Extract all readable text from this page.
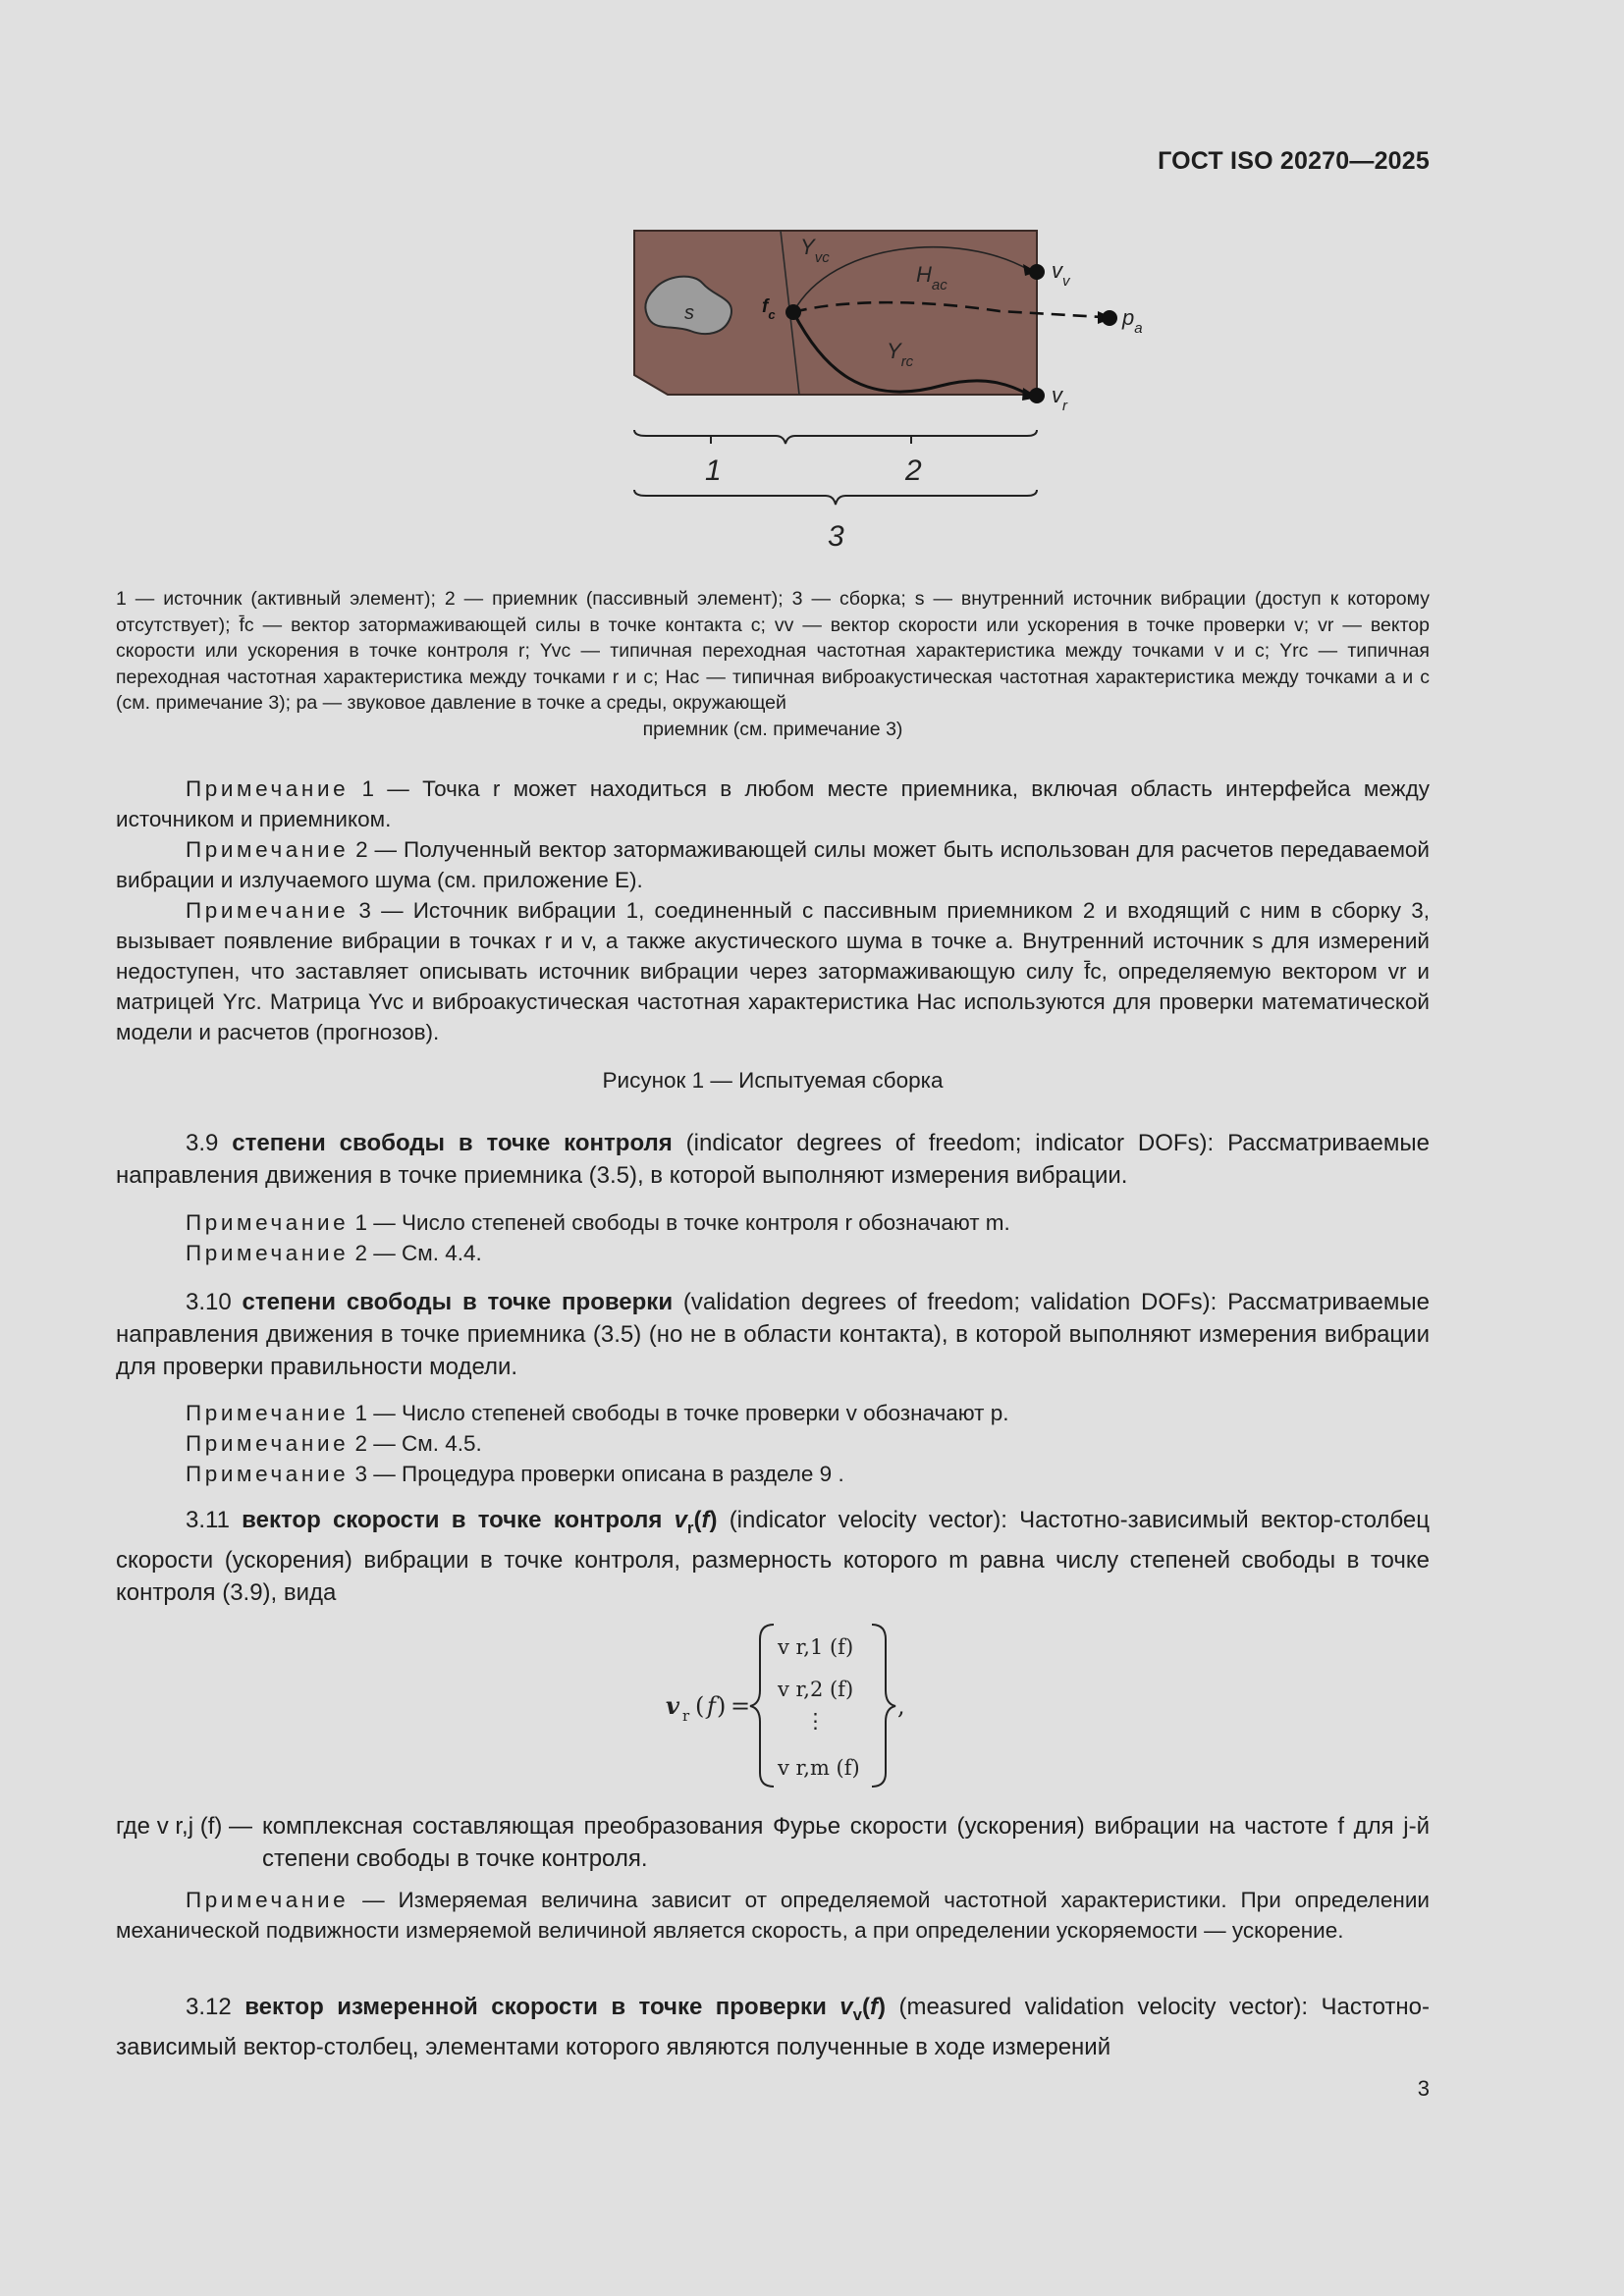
ГОСТ ISO 20270—2025
s	$f_c$
$Y_{vc}$
$H_{ac}$
$Y_{rc}$
$v_v$
$p_a$
$v_r$
1	2
3
1 — источник (активный элемент); 2 — приемник (пассивный элемент); 3 — сборка; s — внутренний источник вибрации (доступ к которому отсутствует); f̄c — вектор затормаживающей силы в точке контакта c; vv — вектор скорости или ускорения в точке проверки v; vr — вектор скорости или ускорения в точке контроля r; Yvc — типичная переходная частотная характеристика между точками v и c; Yrc — типичная переходная частотная характеристика между точками r и c; Hac — типичная виброакустическая частотная характеристика между точками a и c (см. примечание 3); pa — звуковое давление в точке a среды, окружающей
приемник (см. примечание 3)
Примечание 1 — Точка r может находиться в любом месте приемника, включая область интерфейса между источником и приемником.
Примечание 2 — Полученный вектор затормаживающей силы может быть использован для расчетов передаваемой вибрации и излучаемого шума (см. приложение E).
Примечание 3 — Источник вибрации 1, соединенный с пассивным приемником 2 и входящий с ним в сборку 3, вызывает появление вибрации в точках r и v, а также акустического шума в точке a. Внутренний источник s для измерений недоступен, что заставляет описывать источник вибрации через затормаживающую силу f̄c, определяемую вектором vr и матрицей Yrc. Матрица Yvc и виброакустическая частотная характеристика Hac используются для проверки математической модели и расчетов (прогнозов).
Рисунок 1 — Испытуемая сборка
3.9 степени свободы в точке контроля (indicator degrees of freedom; indicator DOFs): Рассматриваемые направления движения в точке приемника (3.5), в которой выполняют измерения вибрации.
Примечание 1 — Число степеней свободы в точке контроля r обозначают m.
Примечание 2 — См. 4.4.
3.10 степени свободы в точке проверки (validation degrees of freedom; validation DOFs): Рассматриваемые направления движения в точке приемника (3.5) (но не в области контакта), в которой выполняют измерения вибрации для проверки правильности модели.
Примечание 1 — Число степеней свободы в точке проверки v обозначают p.
Примечание 2 — См. 4.5.
Примечание 3 — Процедура проверки описана в разделе 9 .
3.11 вектор скорости в точке контроля $v_r(f)$ (indicator velocity vector): Частотно-зависимый вектор-столбец скорости (ускорения) вибрации в точке контроля, размерность которого m равна числу степеней свободы в точке контроля (3.9), вида
v r ( f ) =
v r,1 (f)
v r,2 (f)
⋮
v r,m (f)
,
где v r,j (f) — комплексная составляющая преобразования Фурье скорости (ускорения) вибрации на частоте f для j-й степени свободы в точке контроля.
Примечание — Измеряемая величина зависит от определяемой частотной характеристики. При определении механической подвижности измеряемой величиной является скорость, а при определении ускоряемости — ускорение.
3.12 вектор измеренной скорости в точке проверки $v_v(f)$ (measured validation velocity vector): Частотно-зависимый вектор-столбец, элементами которого являются полученные в ходе измерений
3
